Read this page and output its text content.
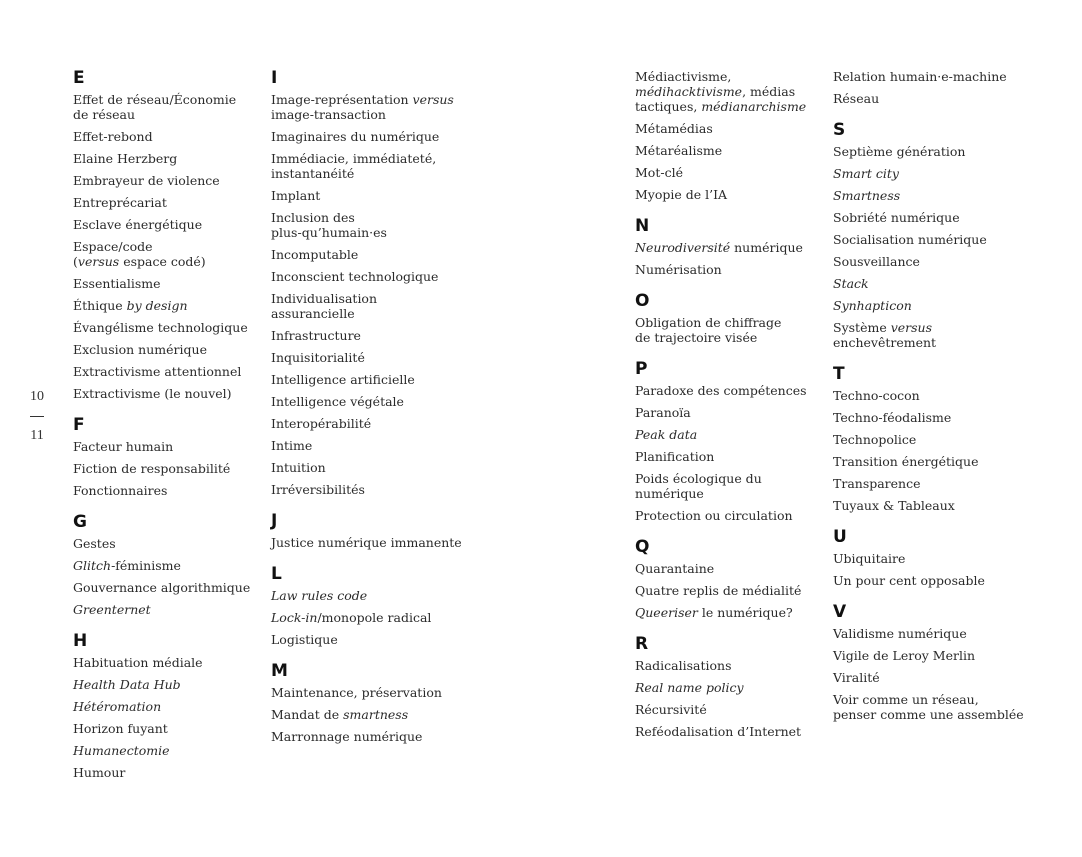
10
11
E

Effet de réseau/Économie
de réseau

Effet-rebond

Elaine Herzberg

Embrayeur de violence

Entreprécariat

Esclave énergétique

Espace/code
(versus espace codé)

Essentialisme

Éthique by design

Évangélisme technologique

Exclusion numérique

Extractivisme attentionnel

Extractivisme (le nouvel)

F

Facteur humain

Fiction de responsabilité

Fonctionnaires

G

Gestes

Glitch-féminisme

Gouvernance algorithmique

Greenternet

H

Habituation médiale

Health Data Hub

Hétéromation

Horizon fuyant

Humanectomie

Humour

I

Image-représentation versus
image-transaction

Imaginaires du numérique

Immédiacie, immédiateté,
instantanéité

Implant

Inclusion des
plus-qu’humain·es

Incomputable

Inconscient technologique

Individualisation
assurancielle

Infrastructure

Inquisitorialité

Intelligence artificielle

Intelligence végétale

Interopérabilité

Intime

Intuition

Irréversibilités

J

Justice numérique immanente

L

Law rules code

Lock-in/monopole radical

Logistique

M

Maintenance, préservation

Mandat de smartness

Marronnage numérique

Médiactivisme,
médihacktivisme, médias
tactiques, médianarchisme

Métamédias

Métaréalisme

Mot-clé

Myopie de l’IA

N

Neurodiversité numérique

Numérisation

O

Obligation de chiffrage
de trajectoire visée

P

Paradoxe des compétences

Paranoïa

Peak data

Planification

Poids écologique du
numérique

Protection ou circulation

Q

Quarantaine

Quatre replis de médialité

Queeriser le numérique?

R

Radicalisations

Real name policy

Récursivité

Reféodalisation d’Internet

Relation humain·e-machine

Réseau

S

Septième génération

Smart city

Smartness

Sobriété numérique

Socialisation numérique

Sousveillance

Stack

Synhapticon

Système versus
enchevêtrement

T

Techno-cocon

Techno-féodalisme

Technopolice

Transition énergétique

Transparence

Tuyaux & Tableaux

U

Ubiquitaire

Un pour cent opposable

V

Validisme numérique

Vigile de Leroy Merlin

Viralité

Voir comme un réseau,
penser comme une assemblée
